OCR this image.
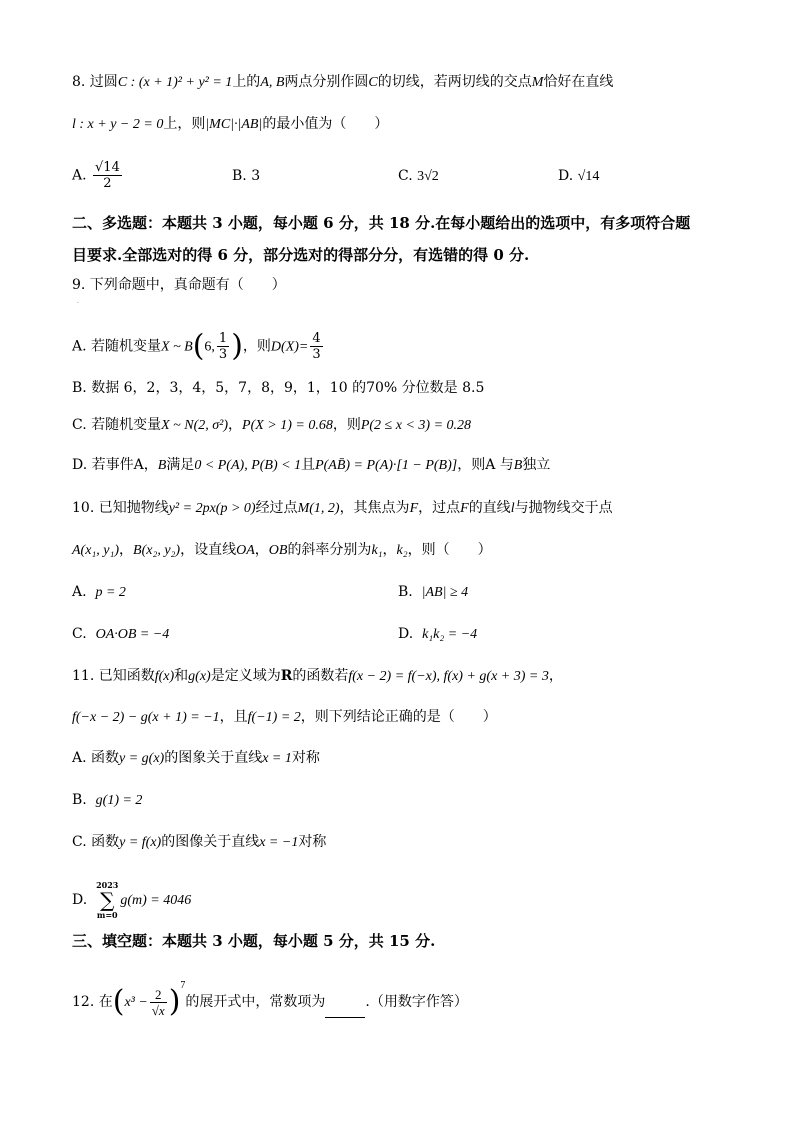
8. 过圆C : (x + 1)² + y² = 1上的A, B两点分别作圆C的切线，若两切线的交点M恰好在直线
l : x + y − 2 = 0上，则|MC|·|AB|的最小值为（　　）
A. $\frac{√14}{2}$	B. 3	C. 3√2	D. √14
二、多选题：本题共 3 小题，每小题 6 分，共 18 分.在每小题给出的选项中，有多项符合题
目要求.全部选对的得 6 分，部分选对的得部分分，有选错的得 0 分.
9. 下列命题中，真命题有（　　）
·
A. 若随机变量X ~ B(6, $\frac{1}{3}$ )，则$D(X)= \frac{4}{3}$
B. 数据 6，2，3，4，5，7，8，9，1，10 的70% 分位数是 8.5
C. 若随机变量X ~ N(2, σ²)，P(X > 1) = 0.68，则P(2 ≤ x < 3) = 0.28
D. 若事件A，B满足0 < P(A), P(B) < 1且P(AB̄) = P(A)·[1 − P(B)]，则A 与B独立
10. 已知抛物线y² = 2px(p > 0)经过点M(1, 2)，其焦点为F，过点F的直线l与抛物线交于点
A(x₁, y₁)，B(x₂, y₂)，设直线OA，OB的斜率分别为k₁，k₂，则（　　）
A. p = 2	B. |AB| ≥ 4
C. OA·OB = −4	D. k₁k₂ = −4
11. 已知函数f(x)和g(x)是定义域为R的函数若f(x − 2) = f(−x), f(x) + g(x + 3) = 3，
f(−x − 2) − g(x + 1) = −1，且f(−1) = 2，则下列结论正确的是（　　）
A. 函数y = g(x)的图象关于直线x = 1对称
B. g(1) = 2
C. 函数y = f(x)的图像关于直线x = −1对称
D.
2023
∑
m=0
g(m) = 4046
三、填空题：本题共 3 小题，每小题 5 分，共 15 分.
12. 在$(x^3 - \frac{2}{√x} )^7$的展开式中，常数项为	.（用数字作答）
